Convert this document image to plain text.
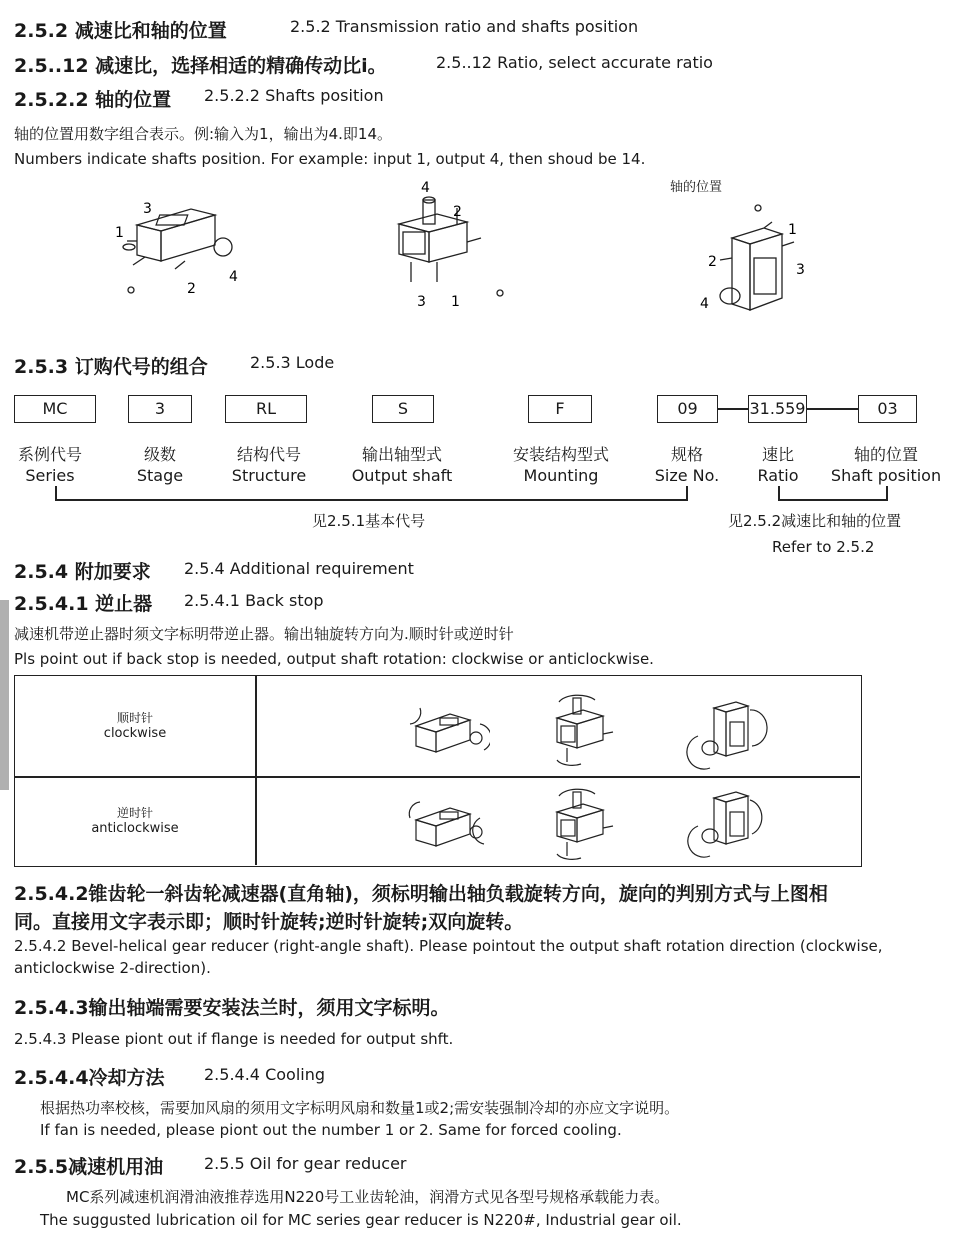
2.5.2 减速比和轴的位置	2.5.2 Transmission ratio and shafts position
2.5..12 减速比，选择相适的精确传动比i。	2.5..12 Ratio, select accurate ratio
2.5.2.2 轴的位置 2.5.2.2 Shafts position
轴的位置用数字组合表示。例:输入为1，输出为4.即14。
Numbers indicate shafts position. For example: input 1, output 4, then shoud be 14.
轴的位置
3
1
2
4
4
2
3 1
1
2	3
4
2.5.3 订购代号的组合	2.5.3 Lode
MC	3	RL	S	F	09	31.559	03
系例代号
Series
级数
Stage
结构代号
Structure
输出轴型式
Output shaft
安装结构型式
Mounting
规格
Size No.
速比
Ratio
轴的位置
Shaft position
见2.5.1基本代号	见2.5.2减速比和轴的位置
Refer to 2.5.2
2.5.4 附加要求 2.5.4 Additional requirement
2.5.4.1 逆止器 2.5.4.1 Back stop
减速机带逆止器时须文字标明带逆止器。输出轴旋转方向为.顺时针或逆时针
Pls point out if back stop is needed, output shaft rotation: clockwise or anticlockwise.
顺时针
clockwise
逆时针
anticlockwise
2.5.4.2锥齿轮一斜齿轮减速器(直角轴)，须标明输出轴负载旋转方向，旋向的判别方式与上图相
同。直接用文字表示即；顺时针旋转;逆时针旋转;双向旋转。
2.5.4.2 Bevel-helical gear reducer (right-angle shaft). Please pointout the output shaft rotation direction (clockwise,
anticlockwise 2-direction).
2.5.4.3输出轴端需要安装法兰时，须用文字标明。
2.5.4.3 Please piont out if flange is needed for output shft.
2.5.4.4冷却方法 2.5.4.4 Cooling
根据热功率校核，需要加风扇的须用文字标明风扇和数量1或2;需安装强制冷却的亦应文字说明。
If fan is needed, please piont out the number 1 or 2. Same for forced cooling.
2.5.5减速机用油	2.5.5 Oil for gear reducer
MC系列减速机润滑油液推荐选用N220号工业齿轮油，润滑方式见各型号规格承载能力表。
The suggusted lubrication oil for MC series gear reducer is N220#, Industrial gear oil.
